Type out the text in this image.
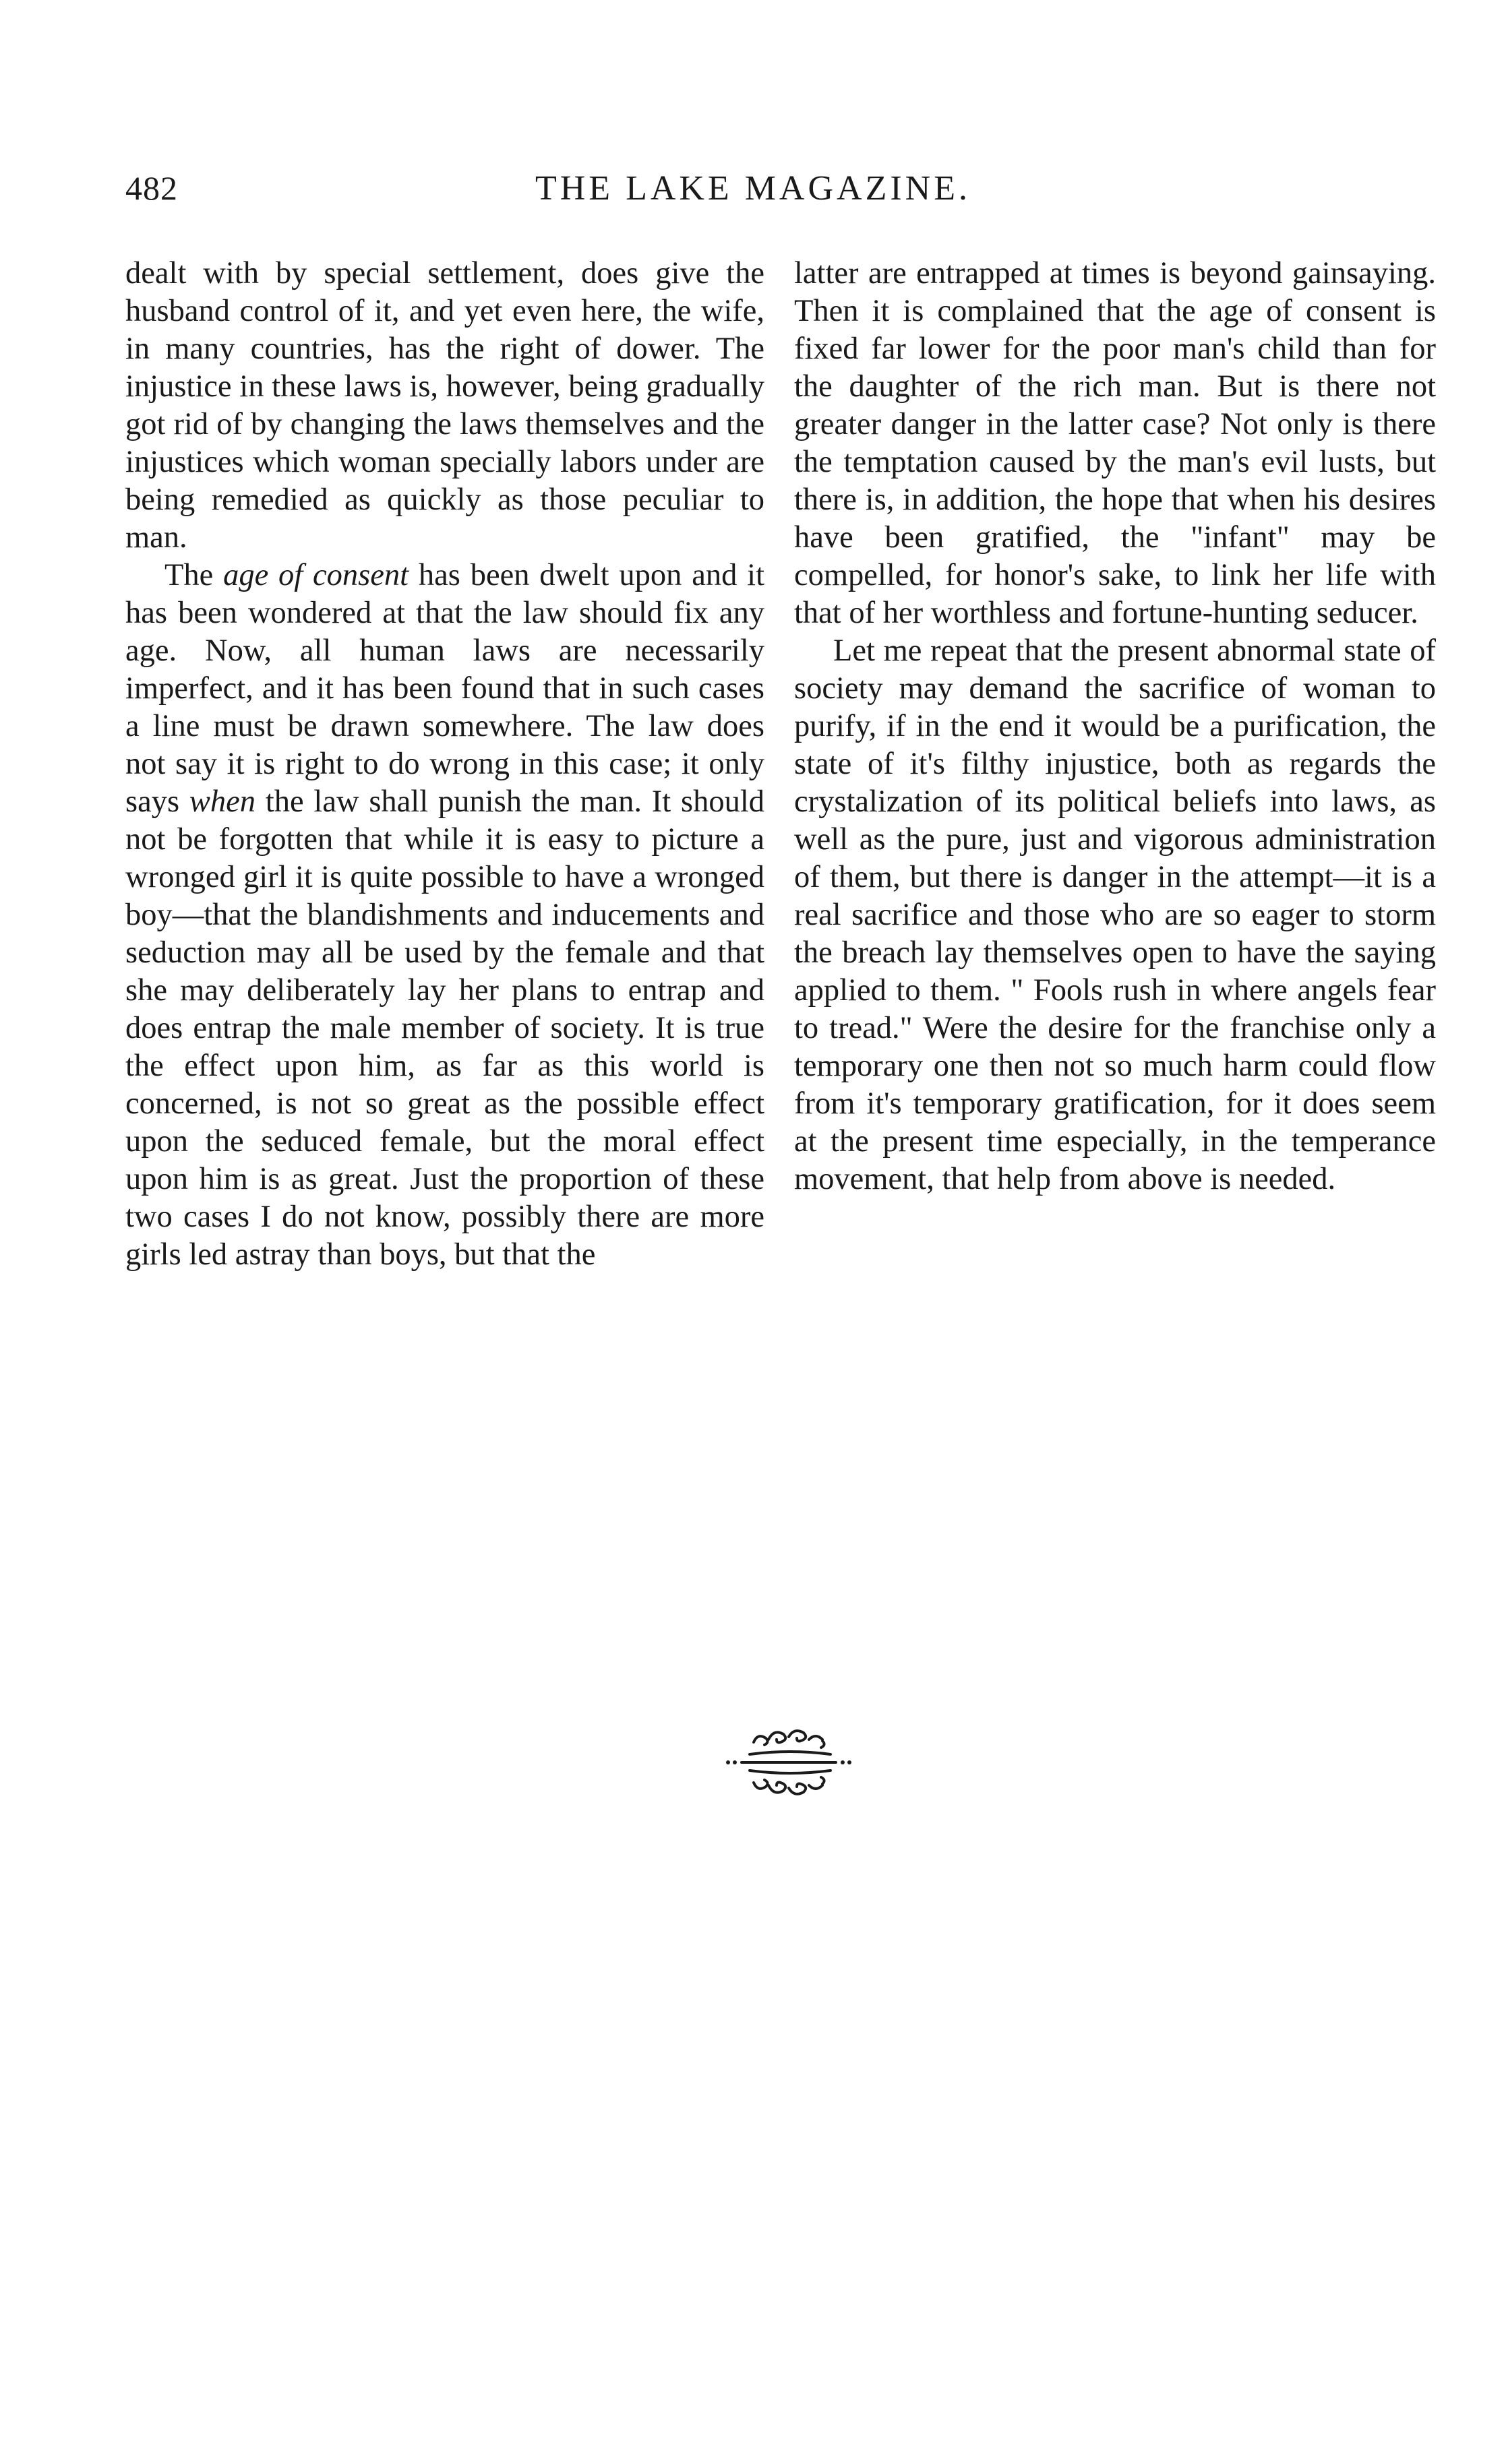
482	THE LAKE MAGAZINE.

dealt with by special settlement, does give the husband control of it, and yet even here, the wife, in many countries, has the right of dower. The injustice in these laws is, however, being gradually got rid of by changing the laws themselves and the injustices which woman specially labors under are being remedied as quickly as those peculiar to man.

The age of consent has been dwelt upon and it has been wondered at that the law should fix any age. Now, all human laws are necessarily imperfect, and it has been found that in such cases a line must be drawn somewhere. The law does not say it is right to do wrong in this case; it only says when the law shall punish the man. It should not be forgotten that while it is easy to picture a wronged girl it is quite possible to have a wronged boy—that the blandishments and inducements and seduction may all be used by the female and that she may deliberately lay her plans to entrap and does entrap the male member of society. It is true the effect upon him, as far as this world is concerned, is not so great as the possible effect upon the seduced female, but the moral effect upon him is as great. Just the proportion of these two cases I do not know, possibly there are more girls led astray than boys, but that the

latter are entrapped at times is beyond gainsaying. Then it is complained that the age of consent is fixed far lower for the poor man's child than for the daughter of the rich man. But is there not greater danger in the latter case? Not only is there the temptation caused by the man's evil lusts, but there is, in addition, the hope that when his desires have been gratified, the "infant" may be compelled, for honor's sake, to link her life with that of her worthless and fortune-hunting seducer.

Let me repeat that the present abnormal state of society may demand the sacrifice of woman to purify, if in the end it would be a purification, the state of it's filthy injustice, both as regards the crystalization of its political beliefs into laws, as well as the pure, just and vigorous administration of them, but there is danger in the attempt—it is a real sacrifice and those who are so eager to storm the breach lay themselves open to have the saying applied to them. " Fools rush in where angels fear to tread." Were the desire for the franchise only a temporary one then not so much harm could flow from it's temporary gratification, for it does seem at the present time especially, in the temperance movement, that help from above is needed.
